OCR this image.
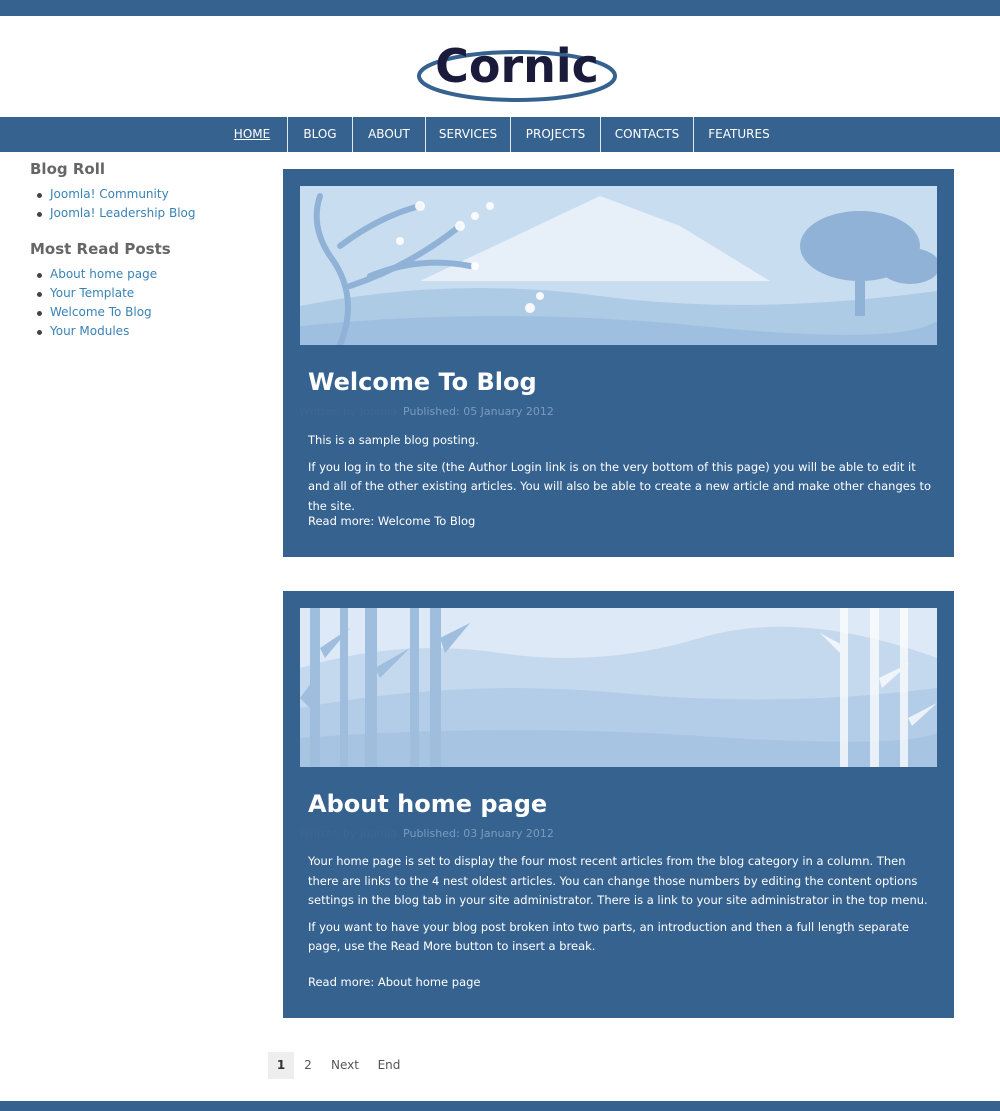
Cornic
HOME	BLOG	ABOUT	SERVICES	PROJECTS	CONTACTS	FEATURES
Blog Roll
Joomla! Community
Joomla! Leadership Blog
Most Read Posts
About home page
Your Template
Welcome To Blog
Your Modules
Welcome To Blog
Written by Joomla Published: 05 January 2012

This is a sample blog posting.

If you log in to the site (the Author Login link is on the very bottom of this page) you will be able to edit it and all of the other existing articles. You will also be able to create a new article and make other changes to the site.

Read more: Welcome To Blog
About home page
Written by Joomla Published: 03 January 2012

Your home page is set to display the four most recent articles from the blog category in a column. Then there are links to the 4 nest oldest articles. You can change those numbers by editing the content options settings in the blog tab in your site administrator. There is a link to your site administrator in the top menu.

If you want to have your blog post broken into two parts, an introduction and then a full length separate page, use the Read More button to insert a break.

Read more: About home page
1	2	Next	End
